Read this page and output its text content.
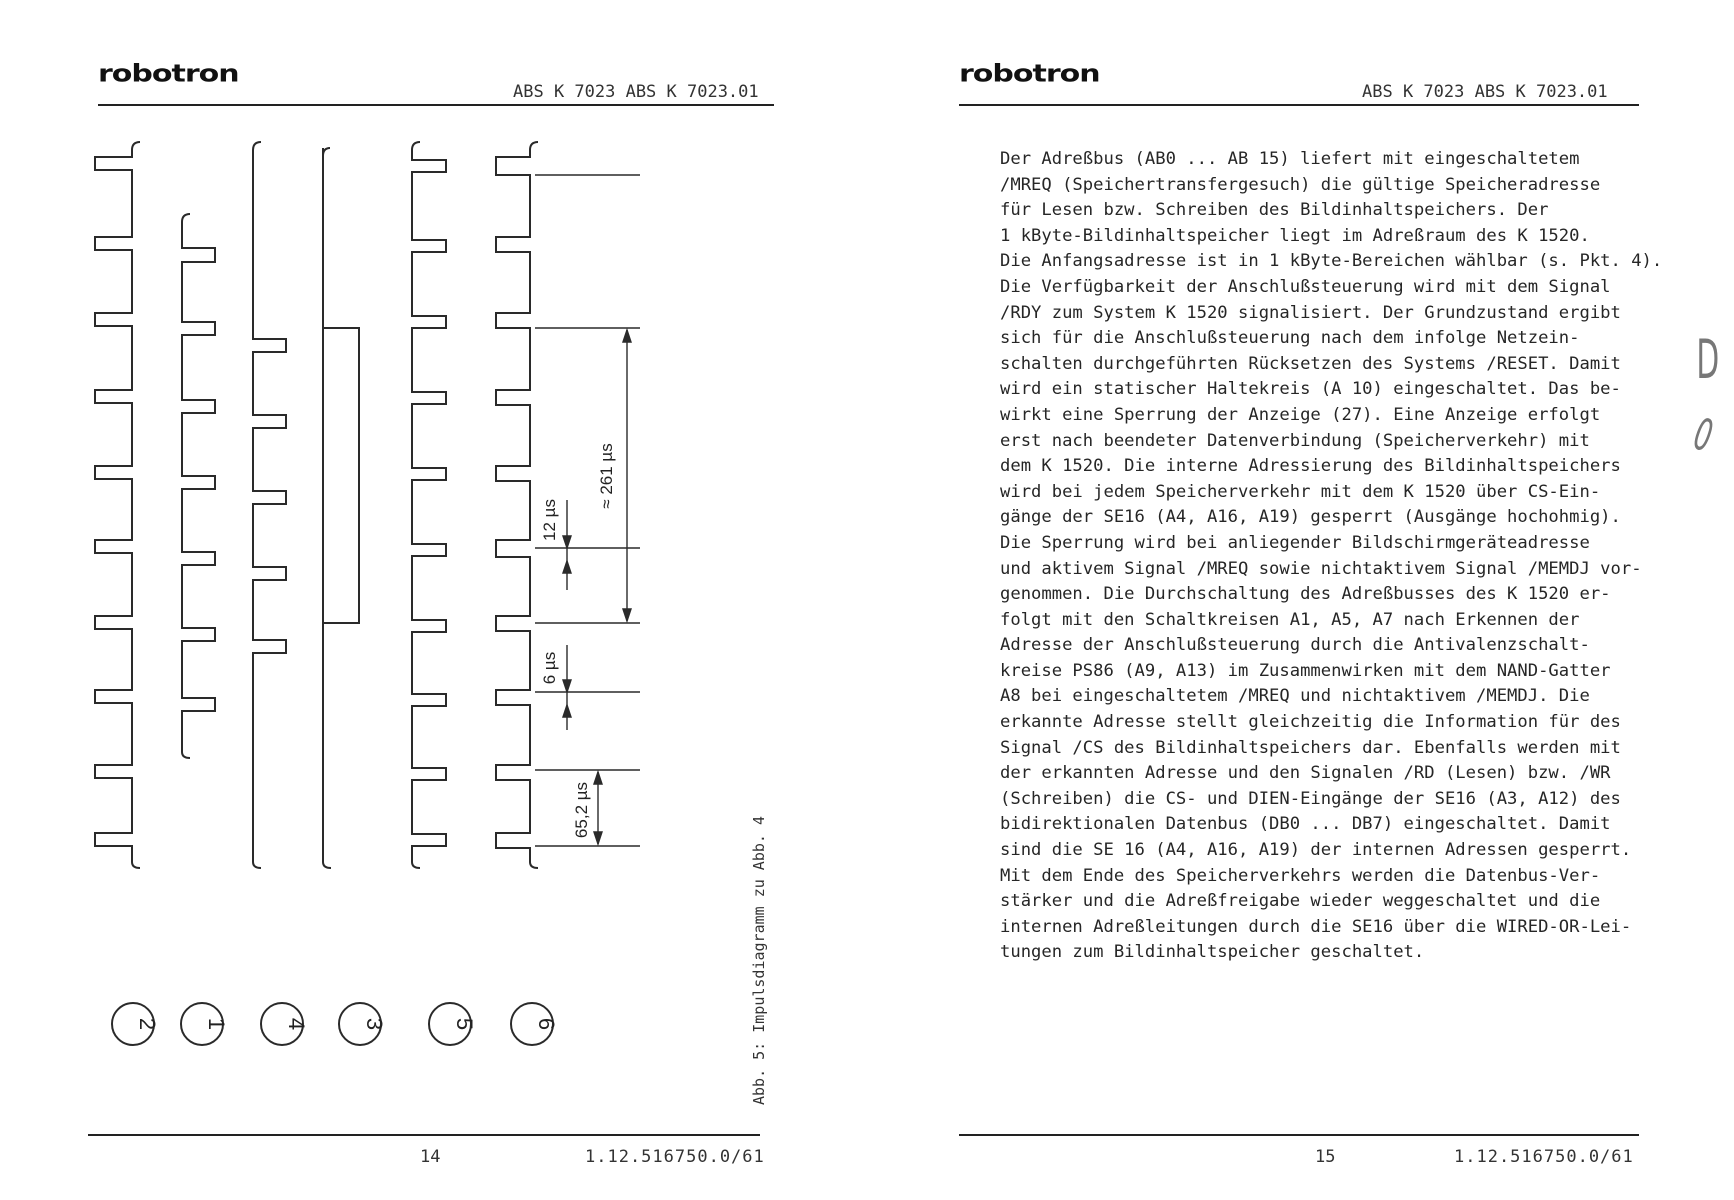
robotron
ABS K 7023 ABS K 7023.01
≈ 261 µs
12 µs
6 µs
65,2 µs
2 1	4 3	5	6	Abb. 5: Impulsdiagramm zu Abb. 4
14	1.12.516750.0/61
robotron
ABS K 7023 ABS K 7023.01
Der Adreßbus (AB0 ... AB 15) liefert mit eingeschaltetem
/MREQ (Speichertransfergesuch) die gültige Speicheradresse
für Lesen bzw. Schreiben des Bildinhaltspeichers. Der
1 kByte-Bildinhaltspeicher liegt im Adreßraum des K 1520.
Die Anfangsadresse ist in 1 kByte-Bereichen wählbar (s. Pkt. 4).
Die Verfügbarkeit der Anschlußsteuerung wird mit dem Signal
/RDY zum System K 1520 signalisiert. Der Grundzustand ergibt
sich für die Anschlußsteuerung nach dem infolge Netzein-
schalten durchgeführten Rücksetzen des Systems /RESET. Damit
wird ein statischer Haltekreis (A 10) eingeschaltet. Das be-
wirkt eine Sperrung der Anzeige (27). Eine Anzeige erfolgt
erst nach beendeter Datenverbindung (Speicherverkehr) mit
dem K 1520. Die interne Adressierung des Bildinhaltspeichers
wird bei jedem Speicherverkehr mit dem K 1520 über CS-Ein-
gänge der SE16 (A4, A16, A19) gesperrt (Ausgänge hochohmig).
Die Sperrung wird bei anliegender Bildschirmgeräteadresse
und aktivem Signal /MREQ sowie nichtaktivem Signal /MEMDJ vor-
genommen. Die Durchschaltung des Adreßbusses des K 1520 er-
folgt mit den Schaltkreisen A1, A5, A7 nach Erkennen der
Adresse der Anschlußsteuerung durch die Antivalenzschalt-
kreise PS86 (A9, A13) im Zusammenwirken mit dem NAND-Gatter
A8 bei eingeschaltetem /MREQ und nichtaktivem /MEMDJ. Die
erkannte Adresse stellt gleichzeitig die Information für des
Signal /CS des Bildinhaltspeichers dar. Ebenfalls werden mit
der erkannten Adresse und den Signalen /RD (Lesen) bzw. /WR
(Schreiben) die CS- und DIEN-Eingänge der SE16 (A3, A12) des
bidirektionalen Datenbus (DB0 ... DB7) eingeschaltet. Damit
sind die SE 16 (A4, A16, A19) der internen Adressen gesperrt.
Mit dem Ende des Speicherverkehrs werden die Datenbus-Ver-
stärker und die Adreßfreigabe wieder weggeschaltet und die
internen Adreßleitungen durch die SE16 über die WIRED-OR-Lei-
tungen zum Bildinhaltspeicher geschaltet.
D
0
15	1.12.516750.0/61
